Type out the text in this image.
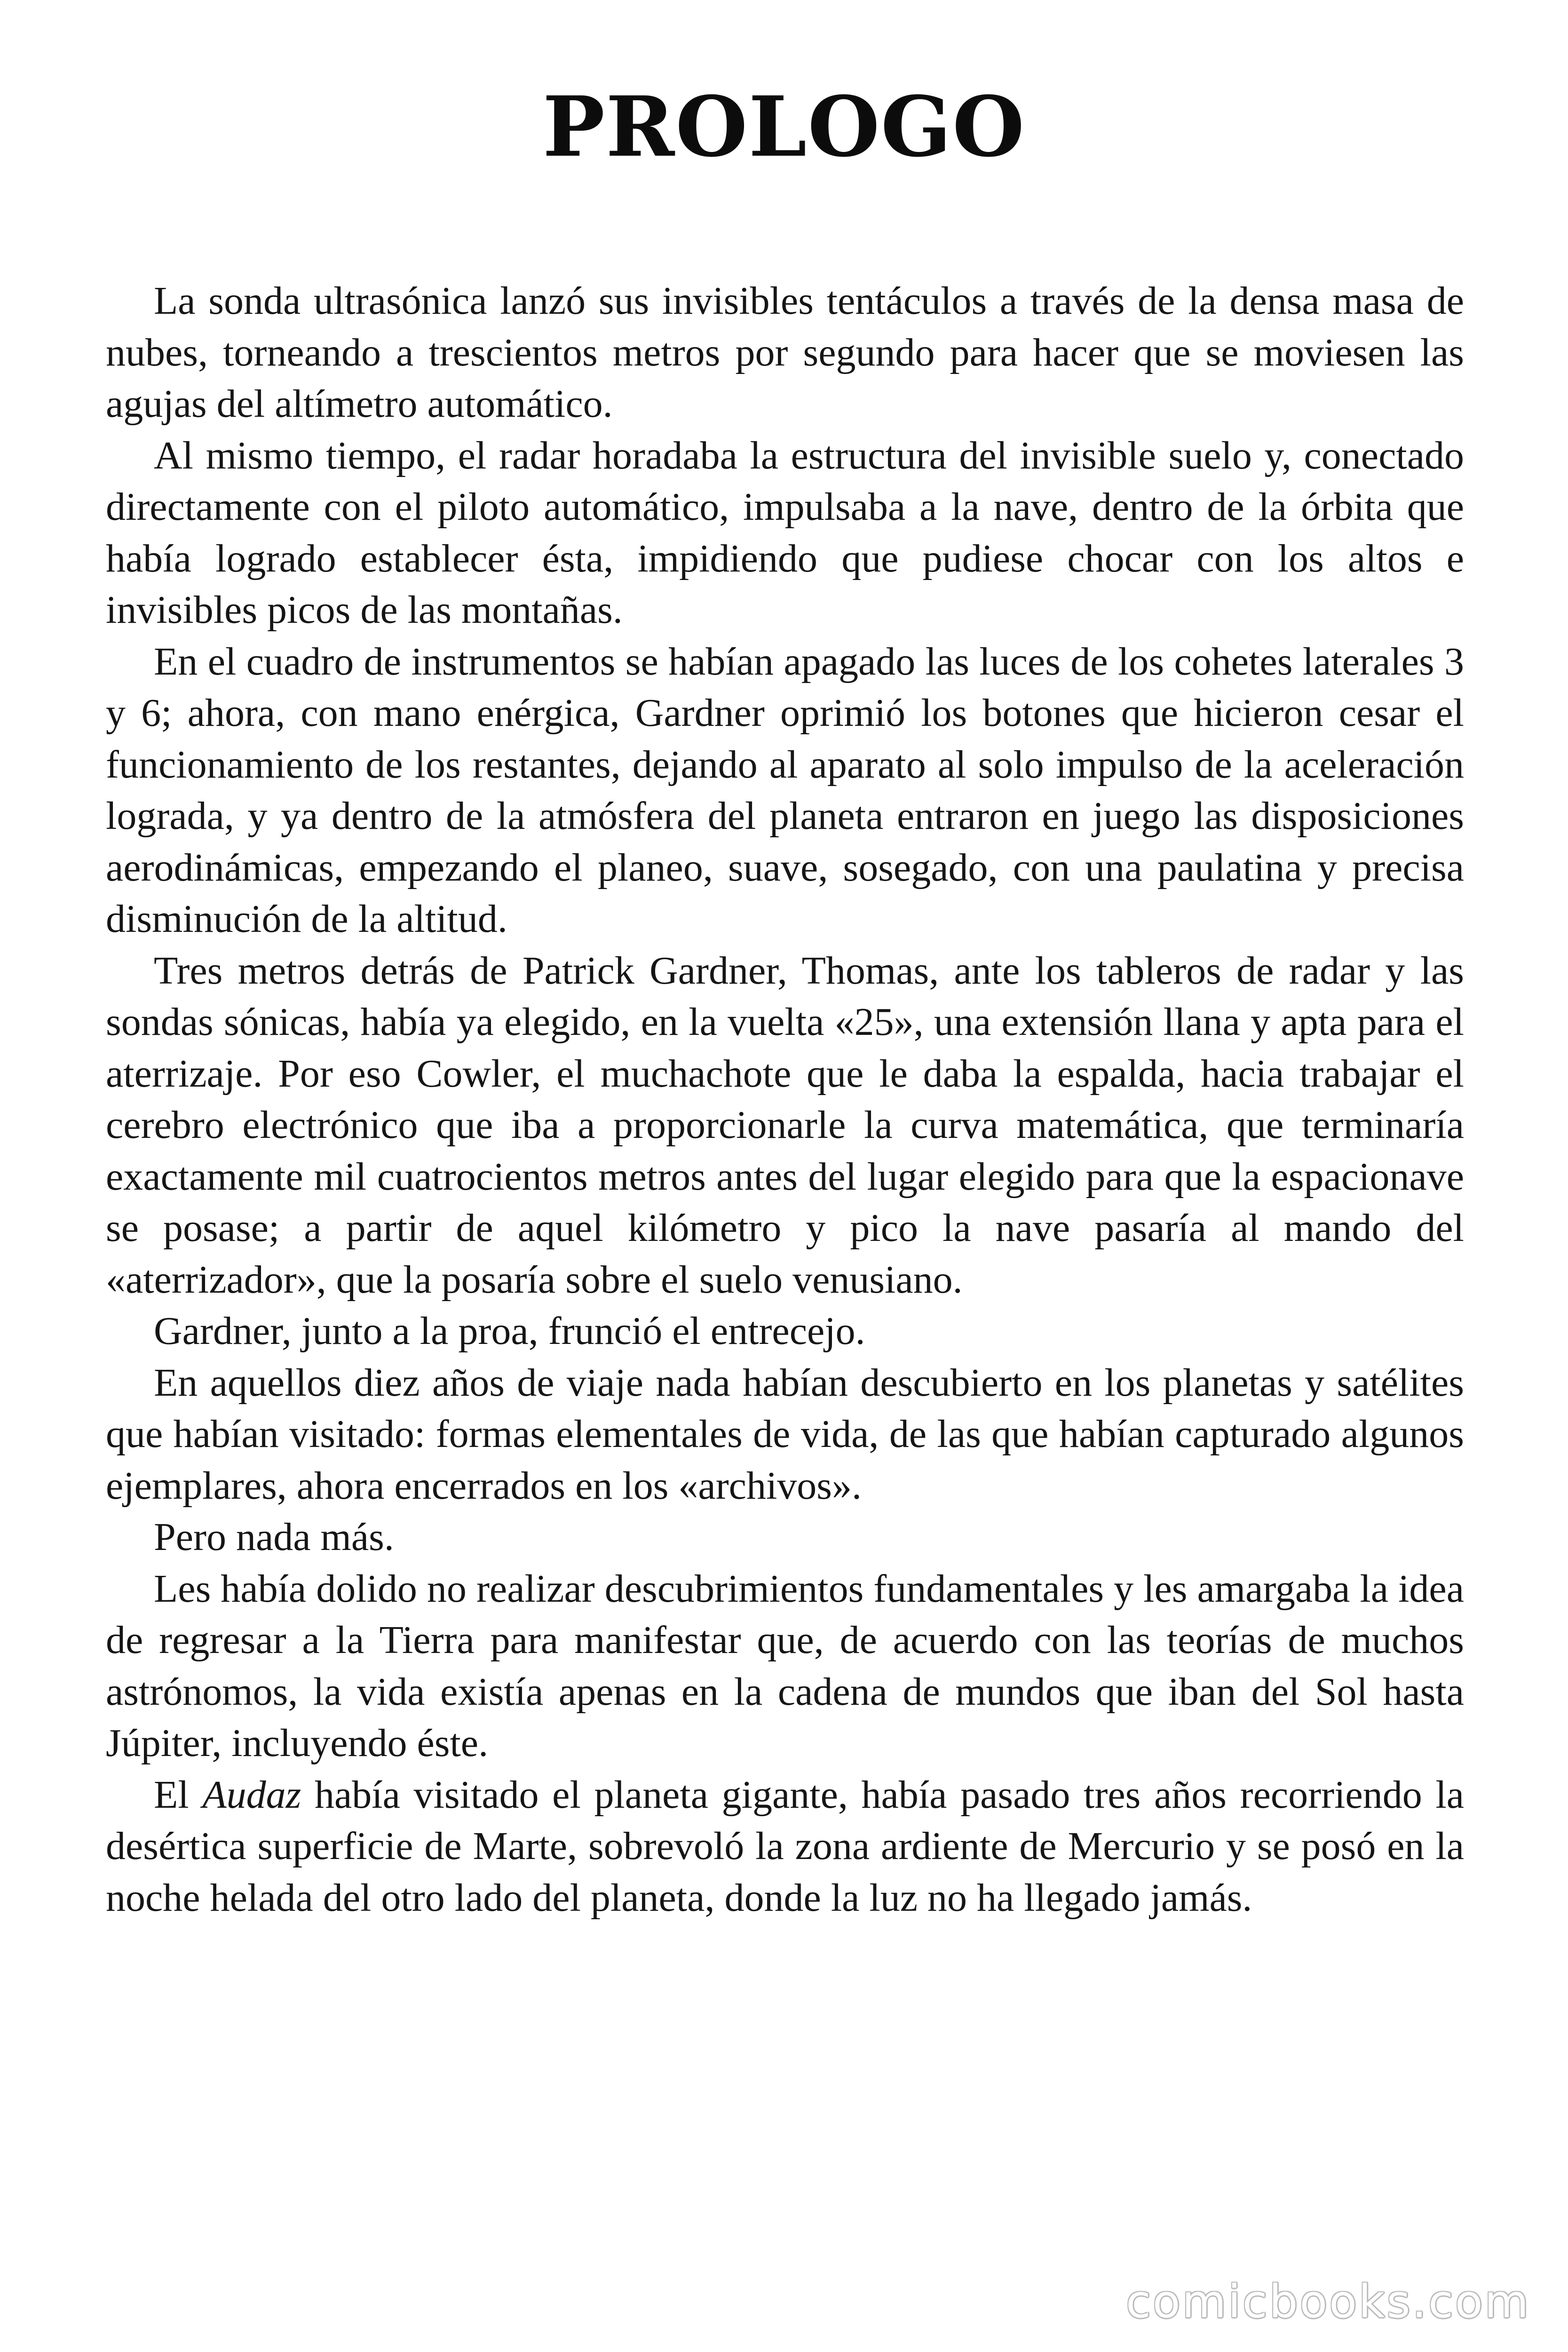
PROLOGO

La sonda ultrasónica lanzó sus invisibles tentáculos a través de la densa masa de nubes, torneando a trescientos metros por segundo para hacer que se moviesen las agujas del altímetro automático.

Al mismo tiempo, el radar horadaba la estructura del invisible suelo y, conectado directamente con el piloto automático, impulsaba a la nave, dentro de la órbita que había logrado establecer ésta, impidiendo que pudiese chocar con los altos e invisibles picos de las montañas.

En el cuadro de instrumentos se habían apagado las luces de los cohetes laterales 3 y 6; ahora, con mano enérgica, Gardner oprimió los botones que hicieron cesar el funcionamiento de los restantes, dejando al aparato al solo impulso de la aceleración lograda, y ya dentro de la atmósfera del planeta entraron en juego las disposiciones aerodinámicas, empezando el planeo, suave, sosegado, con una paulatina y precisa disminución de la altitud.

Tres metros detrás de Patrick Gardner, Thomas, ante los tableros de radar y las sondas sónicas, había ya elegido, en la vuelta «25», una extensión llana y apta para el aterrizaje. Por eso Cowler, el muchachote que le daba la espalda, hacia trabajar el cerebro electrónico que iba a proporcionarle la curva matemática, que terminaría exactamente mil cuatrocientos metros antes del lugar elegido para que la espacionave se posase; a partir de aquel kilómetro y pico la nave pasaría al mando del «aterrizador», que la posaría sobre el suelo venusiano.

Gardner, junto a la proa, frunció el entrecejo.

En aquellos diez años de viaje nada habían descubierto en los planetas y satélites que habían visitado: formas elementales de vida, de las que habían capturado algunos ejemplares, ahora encerrados en los «archivos».

Pero nada más.

Les había dolido no realizar descubrimientos fundamentales y les amargaba la idea de regresar a la Tierra para manifestar que, de acuerdo con las teorías de muchos astrónomos, la vida existía apenas en la cadena de mundos que iban del Sol hasta Júpiter, incluyendo éste.

El Audaz había visitado el planeta gigante, había pasado tres años recorriendo la desértica superficie de Marte, sobrevoló la zona ardiente de Mercurio y se posó en la noche helada del otro lado del planeta, donde la luz no ha llegado jamás.

comicbooks.com
